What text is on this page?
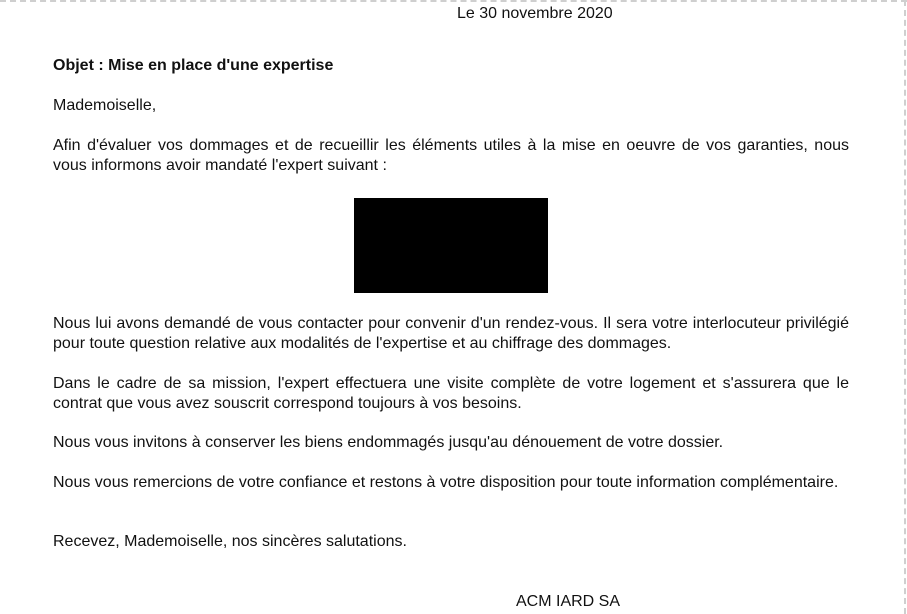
Le 30 novembre 2020
Objet : Mise en place d'une expertise
Mademoiselle,

Afin d'évaluer vos dommages et de recueillir les éléments utiles à la mise en oeuvre de vos garanties, nous vous informons avoir mandaté l'expert suivant :

Nous lui avons demandé de vous contacter pour convenir d'un rendez-vous. Il sera votre interlocuteur privilégié pour toute question relative aux modalités de l'expertise et au chiffrage des dommages.

Dans le cadre de sa mission, l'expert effectuera une visite complète de votre logement et s'assurera que le contrat que vous avez souscrit correspond toujours à vos besoins.

Nous vous invitons à conserver les biens endommagés jusqu'au dénouement de votre dossier.

Nous vous remercions de votre confiance et restons à votre disposition pour toute information complémentaire.

Recevez, Mademoiselle, nos sincères salutations.

ACM IARD SA
